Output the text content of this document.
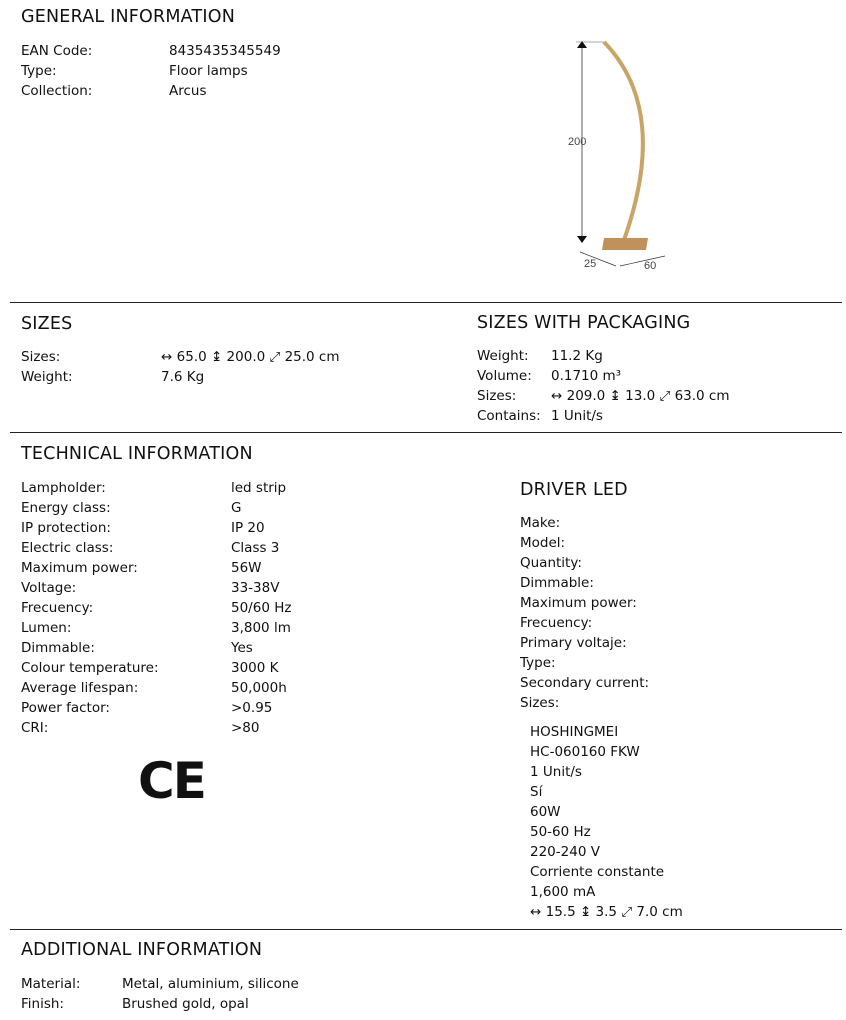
GENERAL INFORMATION
EAN Code:
Type:
Collection:
8435435345549
Floor lamps
Arcus
200
25	60
SIZES
Sizes:
Weight:
↔ 65.0 ↨ 200.0 ⤢ 25.0 cm
7.6 Kg
SIZES WITH PACKAGING
Weight:
Volume:
Sizes:
Contains:
11.2 Kg
0.1710 m³
↔ 209.0 ↨ 13.0 ⤢ 63.0 cm
1 Unit/s
TECHNICAL INFORMATION
Lampholder:
Energy class:
IP protection:
Electric class:
Maximum power:
Voltage:
Frecuency:
Lumen:
Dimmable:
Colour temperature:
Average lifespan:
Power factor:
CRI:
led strip
G
IP 20
Class 3
56W
33-38V
50/60 Hz
3,800 lm
Yes
3000 K
50,000h
>0.95
>80
CE
DRIVER LED
Make:
Model:
Quantity:
Dimmable:
Maximum power:
Frecuency:
Primary voltaje:
Type:
Secondary current:
Sizes:
HOSHINGMEI
HC-060160 FKW
1 Unit/s
Sí
60W
50-60 Hz
220-240 V
Corriente constante
1,600 mA
↔ 15.5 ↨ 3.5 ⤢ 7.0 cm
ADDITIONAL INFORMATION
Material:
Finish:
Metal, aluminium, silicone
Brushed gold, opal
